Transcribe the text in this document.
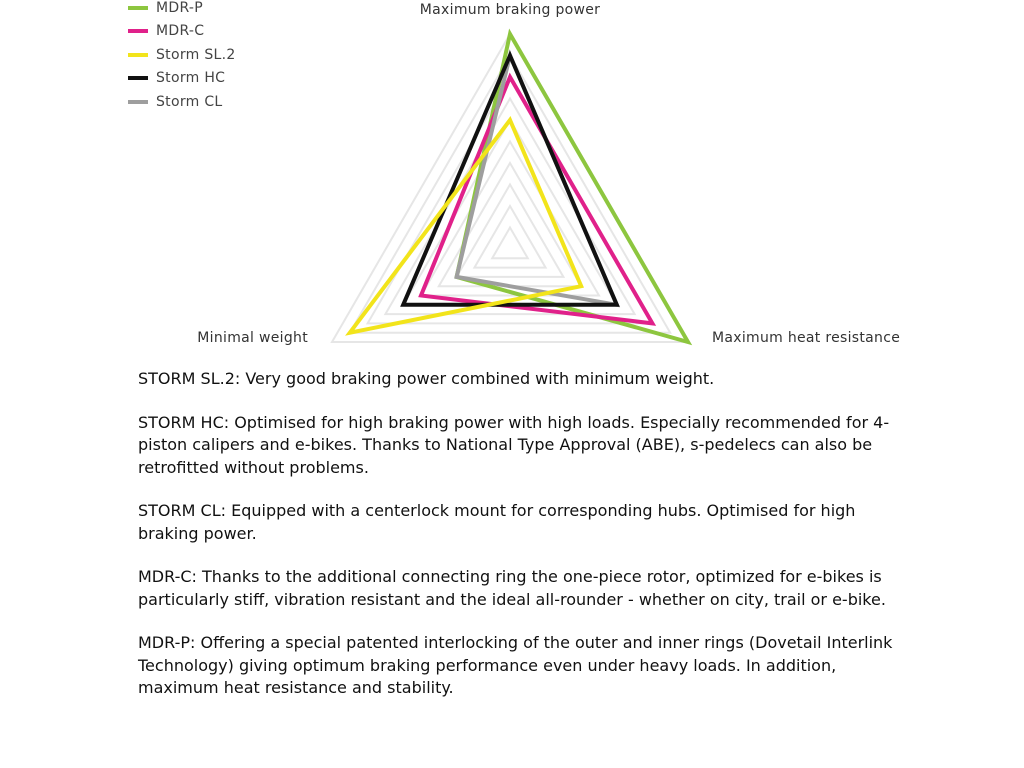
Maximum braking power
Maximum heat resistance
Minimal weight
MDR-P
MDR-C
Storm SL.2
Storm HC
Storm CL

STORM SL.2: Very good braking power combined with minimum weight.

STORM HC: Optimised for high braking power with high loads. Especially recommended for 4-piston calipers and e-bikes. Thanks to National Type Approval (ABE), s-pedelecs can also be retrofitted without problems.

STORM CL: Equipped with a centerlock mount for corresponding hubs. Optimised for high braking power.

MDR-C: Thanks to the additional connecting ring the one-piece rotor, optimized for e-bikes is particularly stiff, vibration resistant and the ideal all-rounder - whether on city, trail or e-bike.

MDR-P: Offering a special patented interlocking of the outer and inner rings (Dovetail Interlink Technology) giving optimum braking performance even under heavy loads. In addition, maximum heat resistance and stability.
